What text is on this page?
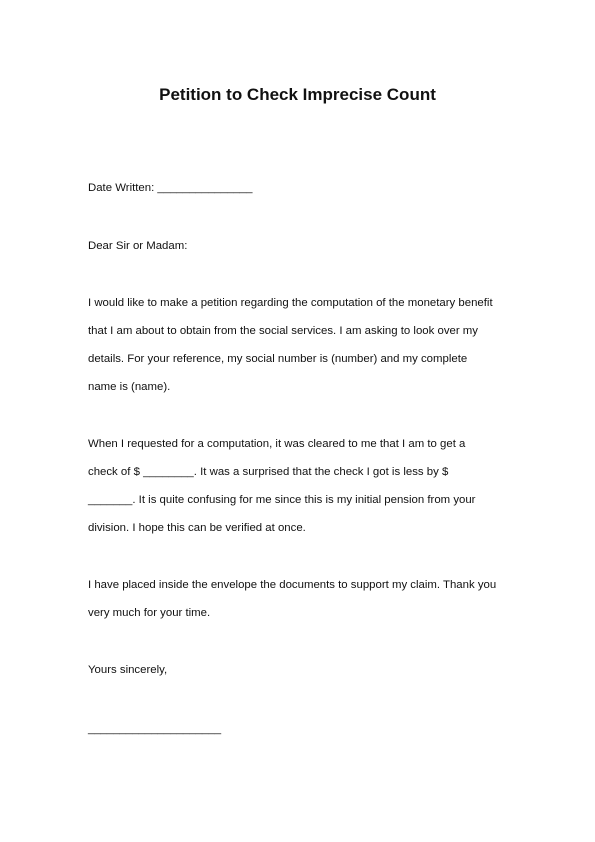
Petition to Check Imprecise Count
Date Written: _______________
Dear Sir or Madam:
I would like to make a petition regarding the computation of the monetary benefit
that I am about to obtain from the social services. I am asking to look over my
details. For your reference, my social number is (number) and my complete
name is (name).
When I requested for a computation, it was cleared to me that I am to get a
check of $ ________. It was a surprised that the check I got is less by $
_______. It is quite confusing for me since this is my initial pension from your
division. I hope this can be verified at once.
I have placed inside the envelope the documents to support my claim. Thank you
very much for your time.
Yours sincerely,
_____________________
